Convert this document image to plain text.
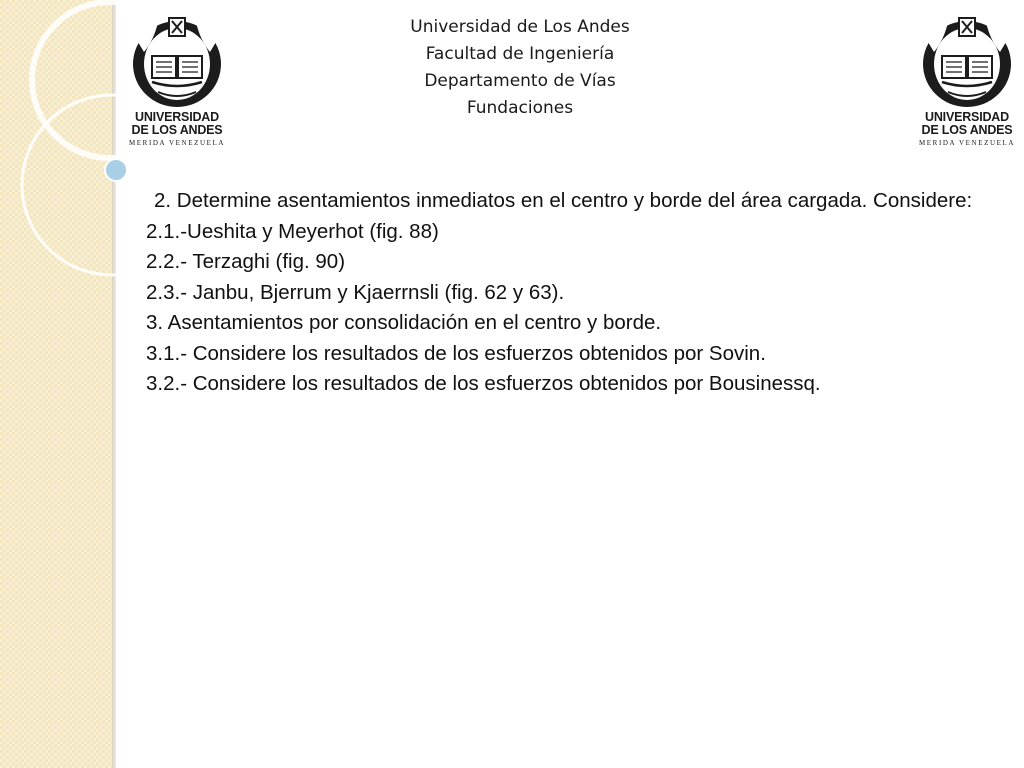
UNIVERSIDAD
DE LOS ANDES
MERIDA VENEZUELA
UNIVERSIDAD
DE LOS ANDES
MERIDA VENEZUELA
Universidad de Los Andes
Facultad de Ingeniería
Departamento de Vías
Fundaciones

2. Determine asentamientos inmediatos en el centro y borde del área cargada. Considere:

2.1.-Ueshita y Meyerhot (fig. 88)

2.2.- Terzaghi (fig. 90)

2.3.- Janbu, Bjerrum y Kjaerrnsli (fig. 62 y 63).

3. Asentamientos por consolidación en el centro y borde.

3.1.- Considere los resultados de los esfuerzos obtenidos por Sovin.

3.2.- Considere los resultados de los esfuerzos obtenidos por Bousinessq.
